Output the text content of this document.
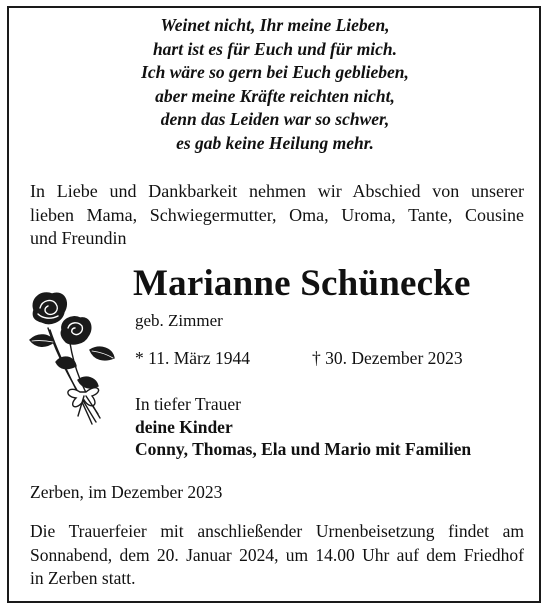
Weinet nicht, Ihr meine Lieben,
hart ist es für Euch und für mich.
Ich wäre so gern bei Euch geblieben,
aber meine Kräfte reichten nicht,
denn das Leiden war so schwer,
es gab keine Heilung mehr.
In Liebe und Dankbarkeit nehmen wir Abschied von unserer
lieben Mama, Schwiegermutter, Oma, Uroma, Tante, Cousine
und Freundin
Marianne Schünecke
geb. Zimmer
* 11. März 1944	† 30. Dezember 2023
In tiefer Trauer
deine Kinder
Conny, Thomas, Ela und Mario mit Familien
Zerben, im Dezember 2023
Die Trauerfeier mit anschließender Urnenbeisetzung findet am
Sonnabend, dem 20. Januar 2024, um 14.00 Uhr auf dem Friedhof
in Zerben statt.
